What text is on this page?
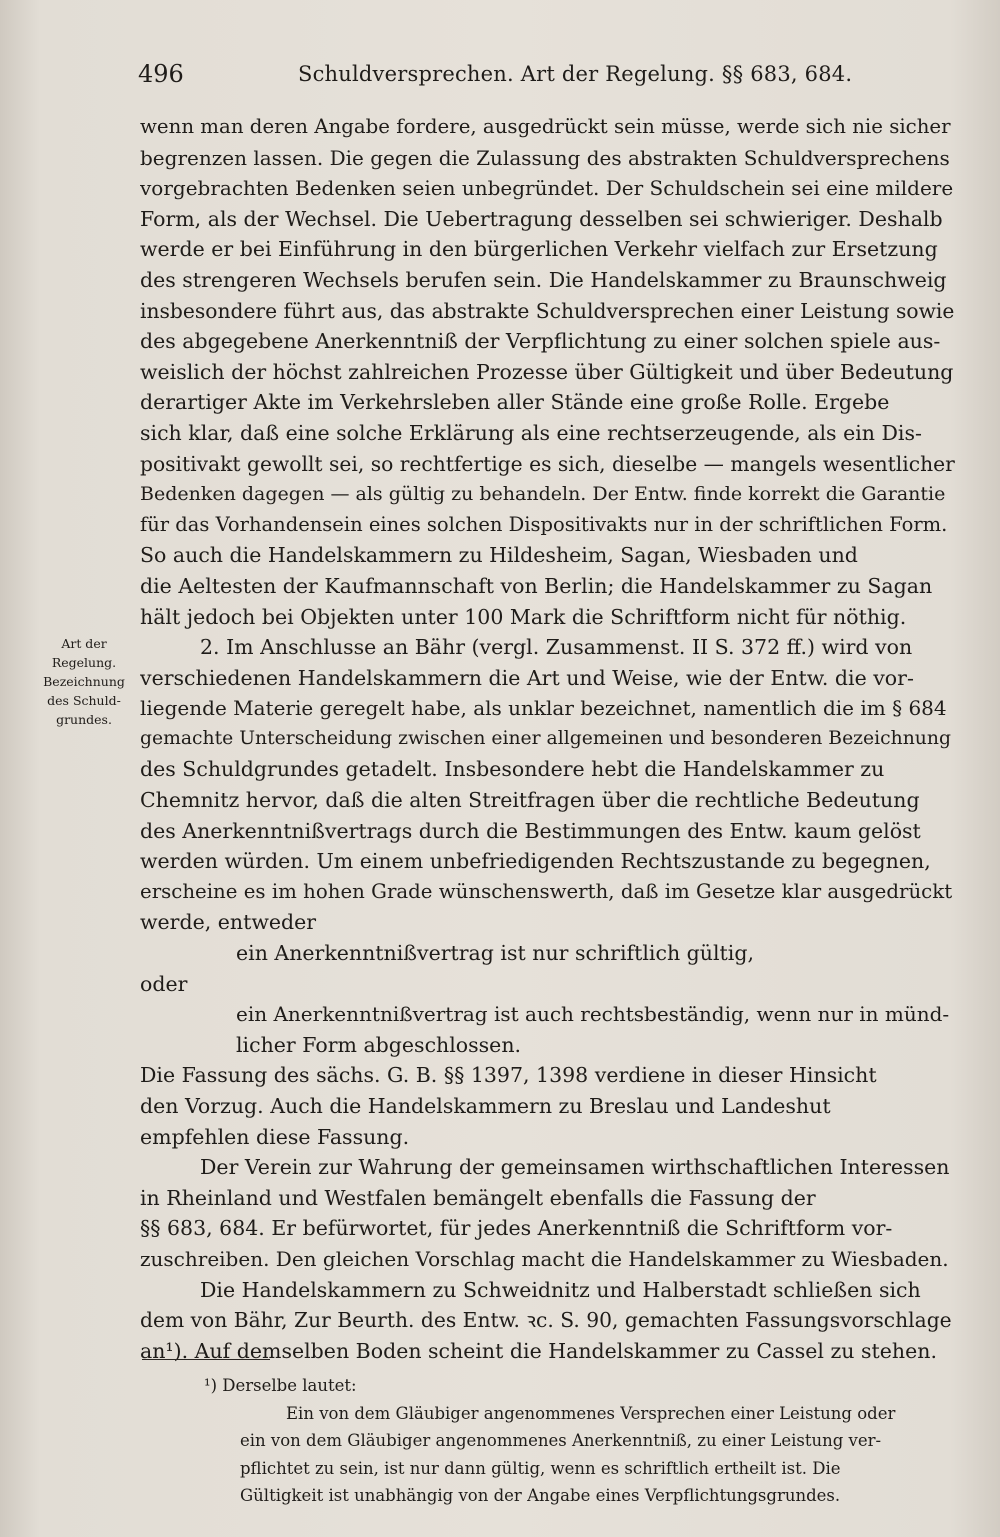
496	Schuldversprechen. Art der Regelung. §§ 683, 684.
Art der
Regelung.
Bezeichnung
des Schuld-
grundes.
wenn man deren Angabe fordere, ausgedrückt sein müsse, werde sich nie sicher
begrenzen lassen. Die gegen die Zulassung des abstrakten Schuldversprechens
vorgebrachten Bedenken seien unbegründet. Der Schuldschein sei eine mildere
Form, als der Wechsel. Die Uebertragung desselben sei schwieriger. Deshalb
werde er bei Einführung in den bürgerlichen Verkehr vielfach zur Ersetzung
des strengeren Wechsels berufen sein. Die Handelskammer zu Braunschweig
insbesondere führt aus, das abstrakte Schuldversprechen einer Leistung sowie
des abgegebene Anerkenntniß der Verpflichtung zu einer solchen spiele aus-
weislich der höchst zahlreichen Prozesse über Gültigkeit und über Bedeutung
derartiger Akte im Verkehrsleben aller Stände eine große Rolle. Ergebe
sich klar, daß eine solche Erklärung als eine rechtserzeugende, als ein Dis-
positivakt gewollt sei, so rechtfertige es sich, dieselbe — mangels wesentlicher
Bedenken dagegen — als gültig zu behandeln. Der Entw. finde korrekt die Garantie
für das Vorhandensein eines solchen Dispositivakts nur in der schriftlichen Form.
So auch die Handelskammern zu Hildesheim, Sagan, Wiesbaden und
die Aeltesten der Kaufmannschaft von Berlin; die Handelskammer zu Sagan
hält jedoch bei Objekten unter 100 Mark die Schriftform nicht für nöthig.
2. Im Anschlusse an Bähr (vergl. Zusammenst. II S. 372 ff.) wird von
verschiedenen Handelskammern die Art und Weise, wie der Entw. die vor-
liegende Materie geregelt habe, als unklar bezeichnet, namentlich die im § 684
gemachte Unterscheidung zwischen einer allgemeinen und besonderen Bezeichnung
des Schuldgrundes getadelt. Insbesondere hebt die Handelskammer zu
Chemnitz hervor, daß die alten Streitfragen über die rechtliche Bedeutung
des Anerkenntnißvertrags durch die Bestimmungen des Entw. kaum gelöst
werden würden. Um einem unbefriedigenden Rechtszustande zu begegnen,
erscheine es im hohen Grade wünschenswerth, daß im Gesetze klar ausgedrückt
werde, entweder
ein Anerkenntnißvertrag ist nur schriftlich gültig,
oder
ein Anerkenntnißvertrag ist auch rechtsbeständig, wenn nur in münd-
licher Form abgeschlossen.
Die Fassung des sächs. G. B. §§ 1397, 1398 verdiene in dieser Hinsicht
den Vorzug. Auch die Handelskammern zu Breslau und Landeshut
empfehlen diese Fassung.
Der Verein zur Wahrung der gemeinsamen wirthschaftlichen Interessen
in Rheinland und Westfalen bemängelt ebenfalls die Fassung der
§§ 683, 684. Er befürwortet, für jedes Anerkenntniß die Schriftform vor-
zuschreiben. Den gleichen Vorschlag macht die Handelskammer zu Wiesbaden.
Die Handelskammern zu Schweidnitz und Halberstadt schließen sich
dem von Bähr, Zur Beurth. des Entw. ꝛc. S. 90, gemachten Fassungsvorschlage
an¹). Auf demselben Boden scheint die Handelskammer zu Cassel zu stehen.
¹) Derselbe lautet:
Ein von dem Gläubiger angenommenes Versprechen einer Leistung oder
ein von dem Gläubiger angenommenes Anerkenntniß, zu einer Leistung ver-
pflichtet zu sein, ist nur dann gültig, wenn es schriftlich ertheilt ist. Die
Gültigkeit ist unabhängig von der Angabe eines Verpflichtungsgrundes.
